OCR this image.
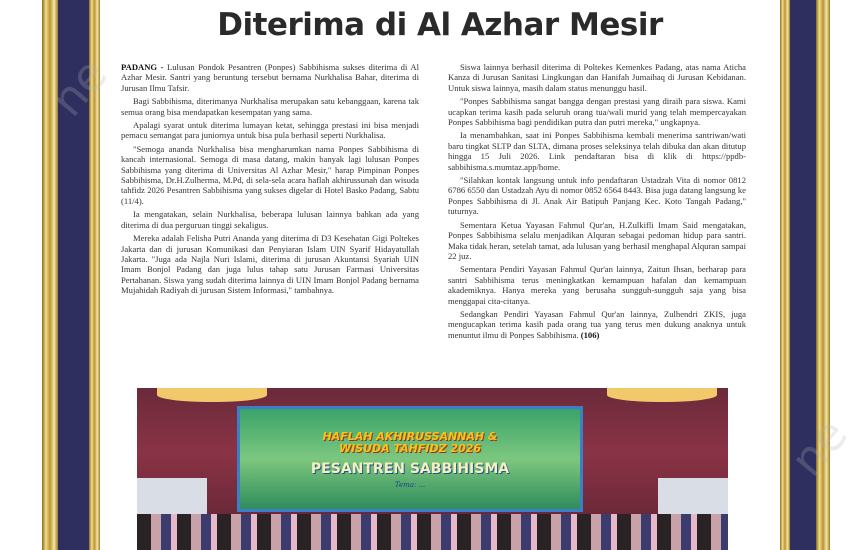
Diterima di Al Azhar Mesir

PADANG - Lulusan Pondok Pesantren (Ponpes) Sabbihisma sukses diterima di Al Azhar Mesir. Santri yang beruntung tersebut bernama Nurkhalisa Bahar, diterima di Jurusan Ilmu Tafsir.

Bagi Sabbihisma, diterimanya Nurkhalisa merupakan satu kebanggaan, karena tak semua orang bisa mendapatkan kesempatan yang sama.

Apalagi syarat untuk diterima lumayan ketat, sehingga prestasi ini bisa menjadi pemacu semangat para juniornya untuk bisa pula berhasil seperti Nurkhalisa.

"Semoga ananda Nurkhalisa bisa mengharumkan nama Ponpes Sabbihisma di kancah internasional. Semoga di masa datang, makin banyak lagi lulusan Ponpes Sabbihisma yang diterima di Universitas Al Azhar Mesir," harap Pimpinan Ponpes Sabbihisma, Dr.H.Zulherma, M.Pd, di sela-sela acara haflah akhirussunah dan wisuda tahfidz 2026 Pesantren Sabbihisma yang sukses digelar di Hotel Basko Padang, Sabtu (11/4).

Ia mengatakan, selain Nurkhalisa, beberapa lulusan lainnya bahkan ada yang diterima di dua perguruan tinggi sekaligus.

Mereka adalah Felisha Putri Ananda yang diterima di D3 Kesehatan Gigi Poltekes Jakarta dan di jurusan Komunikasi dan Penyiaran Islam UIN Syarif Hidayatullah Jakarta. "Juga ada Najla Nuri Islami, diterima di jurusan Akuntansi Syariah UIN Imam Bonjol Padang dan juga lulus tahap satu Jurusan Farmasi Universitas Pertahanan. Siswa yang sudah diterima lainnya di UIN Imam Bonjol Padang bernama Mujahidah Radiyah di jurusan Sistem Informasi," tambahnya.

Siswa lainnya berhasil diterima di Poltekes Kemenkes Padang, atas nama Aticha Kanza di Jurusan Sanitasi Lingkungan dan Hanifah Jumaihaq di Jurusan Kebidanan. Untuk siswa lainnya, masih dalam status menunggu hasil.

"Ponpes Sabbihisma sangat bangga dengan prestasi yang diraih para siswa. Kami ucapkan terima kasih pada seluruh orang tua/wali murid yang telah mempercayakan Ponpes Sabbihisma bagi pendidikan putra dan putri mereka," ungkapnya.

Ia menambahkan, saat ini Ponpes Sabbihisma kembali menerima santriwan/wati baru tingkat SLTP dan SLTA, dimana proses seleksinya telah dibuka dan akan ditutup hingga 15 Juli 2026. Link pendaftaran bisa di klik di https://ppdb-sabbihisma.s.mumtaz.app/home.

"Silahkan kontak langsung untuk info pendaftaran Ustadzah Vita di nomor 0812 6786 6550 dan Ustadzah Ayu di nomor 0852 6564 8443. Bisa juga datang langsung ke Ponpes Sabbihisma di Jl. Anak Air Batipuh Panjang Kec. Koto Tangah Padang," tuturnya.

Sementara Ketua Yayasan Fahmul Qur'an, H.Zulkifli Imam Said mengatakan, Ponpes Sabbihisma selalu menjadikan Alquran sebagai pedoman hidup para santri. Maka tidak heran, setelah tamat, ada lulusan yang berhasil menghapal Alquran sampai 22 juz.

Sementara Pendiri Yayasan Fahmul Qur'an lainnya, Zaitun Ihsan, berharap para santri Sabbihisma terus meningkatkan kemampuan hafalan dan kemampuan akademiknya. Hanya mereka yang berusaha sungguh-sungguh saja yang bisa menggapai cita-citanya.

Sedangkan Pendiri Yayasan Fahmul Qur'an lainnya, Zulhendri ZKIS, juga mengucapkan terima kasih pada orang tua yang terus men dukung anaknya untuk menuntut ilmu di Ponpes Sabbihisma. (106)

HAFLAH AKHIRUSSANNAH &
WISUDA TAHFIDZ 2026
PESANTREN SABBIHISMA
Tema: ...
ne
ne
